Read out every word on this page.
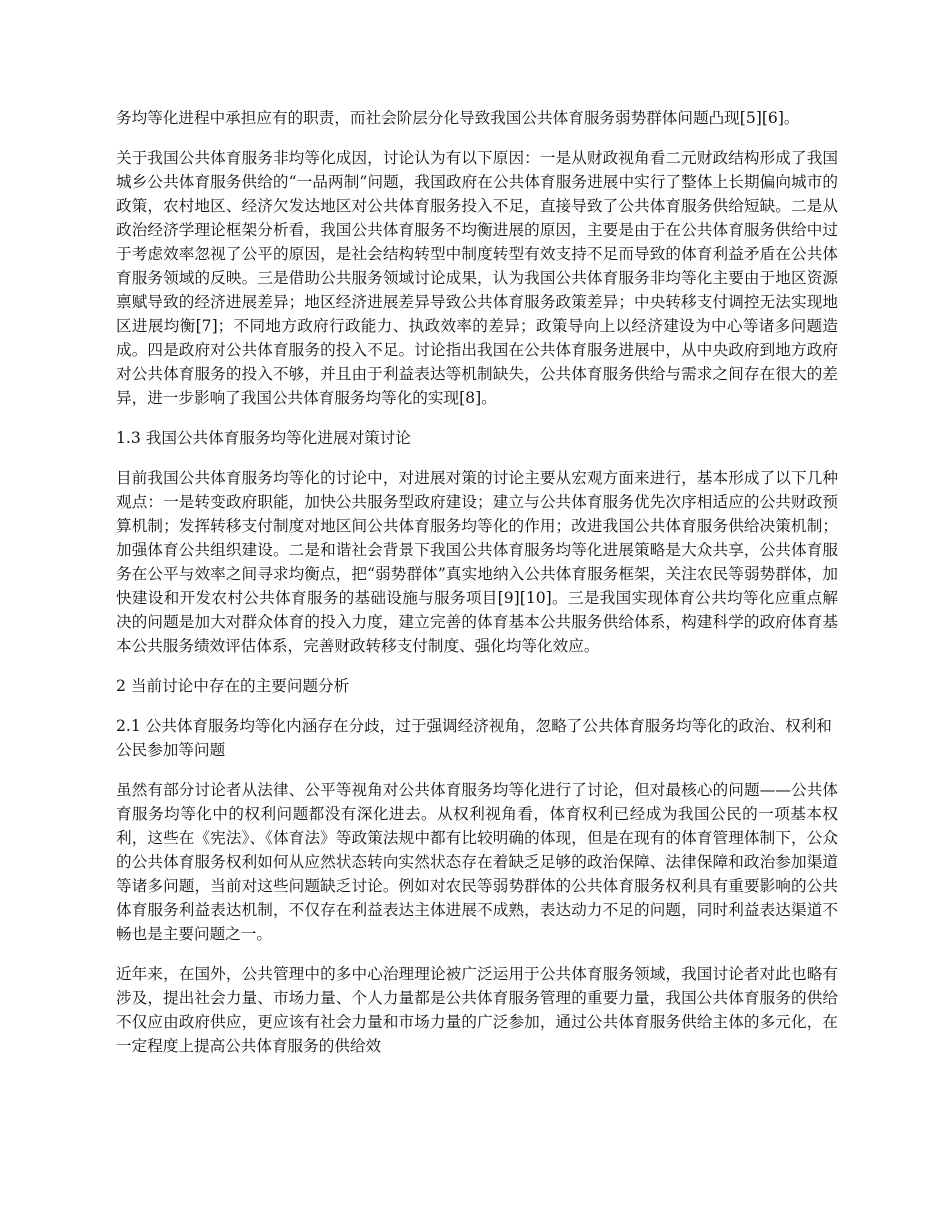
务均等化进程中承担应有的职责，而社会阶层分化导致我国公共体育服务弱势群体问题凸现[5][6]。

关于我国公共体育服务非均等化成因，讨论认为有以下原因：一是从财政视角看二元财政结构形成了我国城乡公共体育服务供给的“一品两制”问题，我国政府在公共体育服务进展中实行了整体上长期偏向城市的政策，农村地区、经济欠发达地区对公共体育服务投入不足，直接导致了公共体育服务供给短缺。二是从政治经济学理论框架分析看，我国公共体育服务不均衡进展的原因，主要是由于在公共体育服务供给中过于考虑效率忽视了公平的原因，是社会结构转型中制度转型有效支持不足而导致的体育利益矛盾在公共体育服务领域的反映。三是借助公共服务领域讨论成果，认为我国公共体育服务非均等化主要由于地区资源禀赋导致的经济进展差异；地区经济进展差异导致公共体育服务政策差异；中央转移支付调控无法实现地区进展均衡[7]；不同地方政府行政能力、执政效率的差异；政策导向上以经济建设为中心等诸多问题造成。四是政府对公共体育服务的投入不足。讨论指出我国在公共体育服务进展中，从中央政府到地方政府对公共体育服务的投入不够，并且由于利益表达等机制缺失，公共体育服务供给与需求之间存在很大的差异，进一步影响了我国公共体育服务均等化的实现[8]。

1.3 我国公共体育服务均等化进展对策讨论

目前我国公共体育服务均等化的讨论中，对进展对策的讨论主要从宏观方面来进行，基本形成了以下几种观点：一是转变政府职能，加快公共服务型政府建设；建立与公共体育服务优先次序相适应的公共财政预算机制；发挥转移支付制度对地区间公共体育服务均等化的作用；改进我国公共体育服务供给决策机制；加强体育公共组织建设。二是和谐社会背景下我国公共体育服务均等化进展策略是大众共享，公共体育服务在公平与效率之间寻求均衡点，把“弱势群体”真实地纳入公共体育服务框架，关注农民等弱势群体，加快建设和开发农村公共体育服务的基础设施与服务项目[9][10]。三是我国实现体育公共均等化应重点解决的问题是加大对群众体育的投入力度，建立完善的体育基本公共服务供给体系，构建科学的政府体育基本公共服务绩效评估体系，完善财政转移支付制度、强化均等化效应。

2 当前讨论中存在的主要问题分析

2.1 公共体育服务均等化内涵存在分歧，过于强调经济视角，忽略了公共体育服务均等化的政治、权利和公民参加等问题

虽然有部分讨论者从法律、公平等视角对公共体育服务均等化进行了讨论，但对最核心的问题——公共体育服务均等化中的权利问题都没有深化进去。从权利视角看，体育权利已经成为我国公民的一项基本权利，这些在《宪法》、《体育法》等政策法规中都有比较明确的体现，但是在现有的体育管理体制下，公众的公共体育服务权利如何从应然状态转向实然状态存在着缺乏足够的政治保障、法律保障和政治参加渠道等诸多问题，当前对这些问题缺乏讨论。例如对农民等弱势群体的公共体育服务权利具有重要影响的公共体育服务利益表达机制，不仅存在利益表达主体进展不成熟，表达动力不足的问题，同时利益表达渠道不畅也是主要问题之一。

近年来，在国外，公共管理中的多中心治理理论被广泛运用于公共体育服务领域，我国讨论者对此也略有涉及，提出社会力量、市场力量、个人力量都是公共体育服务管理的重要力量，我国公共体育服务的供给不仅应由政府供应，更应该有社会力量和市场力量的广泛参加，通过公共体育服务供给主体的多元化，在一定程度上提高公共体育服务的供给效
